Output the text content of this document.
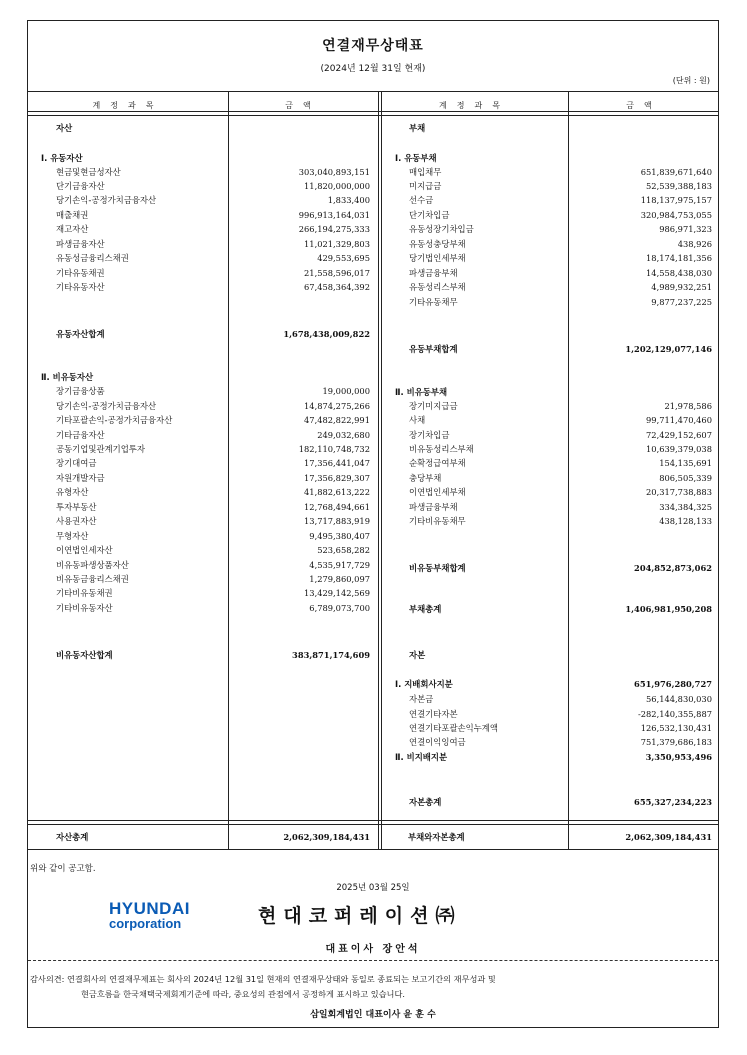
연결재무상태표
(2024년 12월 31일 현재)
(단위 : 원)
계정과목	금액	계정과목	금액
자산
Ⅰ. 유동자산
현금및현금성자산	303,040,893,151
단기금융자산	11,820,000,000
당기손익-공정가치금융자산	1,833,400
매출채권	996,913,164,031
재고자산	266,194,275,333
파생금융자산	11,021,329,803
유동성금융리스채권	429,553,695
기타유동채권	21,558,596,017
기타유동자산	67,458,364,392
유동자산합계	1,678,438,009,822
Ⅱ. 비유동자산
장기금융상품	19,000,000
당기손익-공정가치금융자산	14,874,275,266
기타포괄손익-공정가치금융자산	47,482,822,991
기타금융자산	249,032,680
공동기업및관계기업투자	182,110,748,732
장기대여금	17,356,441,047
자원개발자금	17,356,829,307
유형자산	41,882,613,222
투자부동산	12,768,494,661
사용권자산	13,717,883,919
무형자산	9,495,380,407
이연법인세자산	523,658,282
비유동파생상품자산	4,535,917,729
비유동금융리스채권	1,279,860,097
기타비유동채권	13,429,142,569
기타비유동자산	6,789,073,700
비유동자산합계	383,871,174,609
부채
Ⅰ. 유동부채
매입채무	651,839,671,640
미지급금	52,539,388,183
선수금	118,137,975,157
단기차입금	320,984,753,055
유동성장기차입금	986,971,323
유동성충당부채	438,926
당기법인세부채	18,174,181,356
파생금융부채	14,558,438,030
유동성리스부채	4,989,932,251
기타유동채무	9,877,237,225
유동부채합계	1,202,129,077,146
Ⅱ. 비유동부채
장기미지급금	21,978,586
사채	99,711,470,460
장기차입금	72,429,152,607
비유동성리스부채	10,639,379,038
순확정급여부채	154,135,691
충당부채	806,505,339
이연법인세부채	20,317,738,883
파생금융부채	334,384,325
기타비유동채무	438,128,133
비유동부채합계	204,852,873,062
부채총계	1,406,981,950,208
자본
Ⅰ. 지배회사지분	651,976,280,727
자본금	56,144,830,030
연결기타자본	-282,140,355,887
연결기타포괄손익누계액	126,532,130,431
연결이익잉여금	751,379,686,183
Ⅱ. 비지배지분	3,350,953,496
자본총계	655,327,234,223
자산총계	2,062,309,184,431	부채와자본총계	2,062,309,184,431
위와 같이 공고함.
2025년 03월 25일
HYUNDAI
corporation	현대코퍼레이션㈜
대표이사 장안석
감사의견: 연결회사의 연결재무제표는 회사의 2024년 12월 31일 현재의 연결재무상태와 동일로 종료되는 보고기간의 재무성과 및
현금흐름을 한국채택국제회계기준에 따라, 중요성의 관점에서 공정하게 표시하고 있습니다.
삼일회계법인 대표이사 윤 훈 수
